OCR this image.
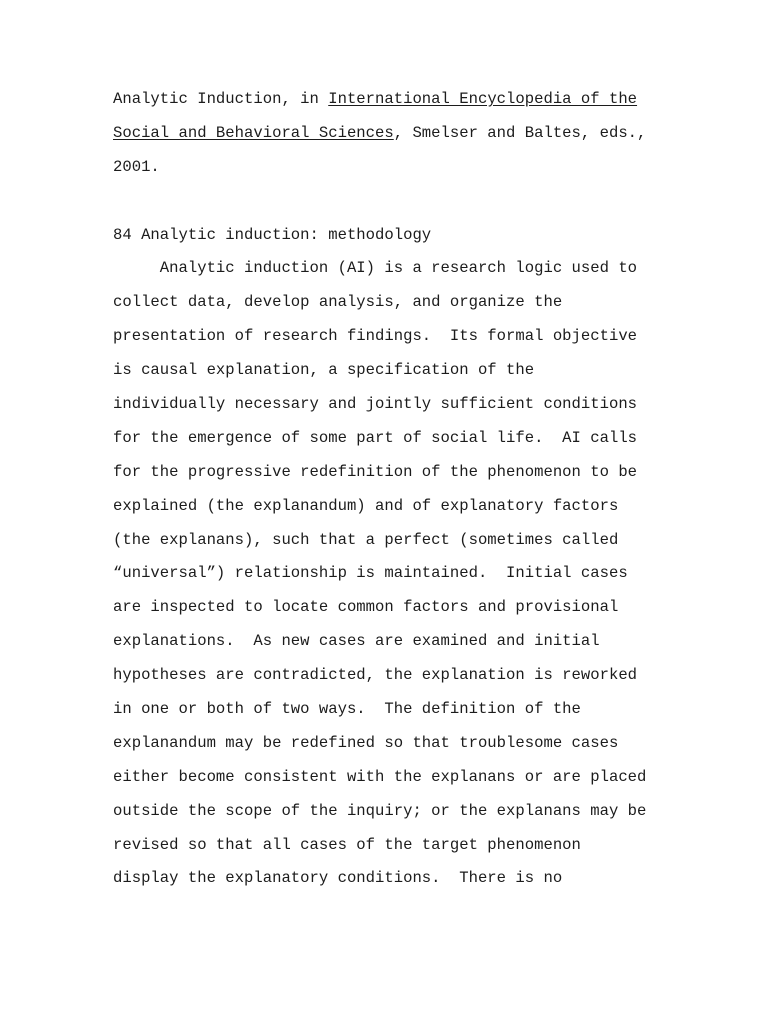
Analytic Induction, in International Encyclopedia of the
Social and Behavioral Sciences, Smelser and Baltes, eds.,
2001.
84 Analytic induction: methodology
Analytic induction (AI) is a research logic used to
collect data, develop analysis, and organize the
presentation of research findings.  Its formal objective
is causal explanation, a specification of the
individually necessary and jointly sufficient conditions
for the emergence of some part of social life.  AI calls
for the progressive redefinition of the phenomenon to be
explained (the explanandum) and of explanatory factors
(the explanans), such that a perfect (sometimes called
“universal”) relationship is maintained.  Initial cases
are inspected to locate common factors and provisional
explanations.  As new cases are examined and initial
hypotheses are contradicted, the explanation is reworked
in one or both of two ways.  The definition of the
explanandum may be redefined so that troublesome cases
either become consistent with the explanans or are placed
outside the scope of the inquiry; or the explanans may be
revised so that all cases of the target phenomenon
display the explanatory conditions.  There is no
